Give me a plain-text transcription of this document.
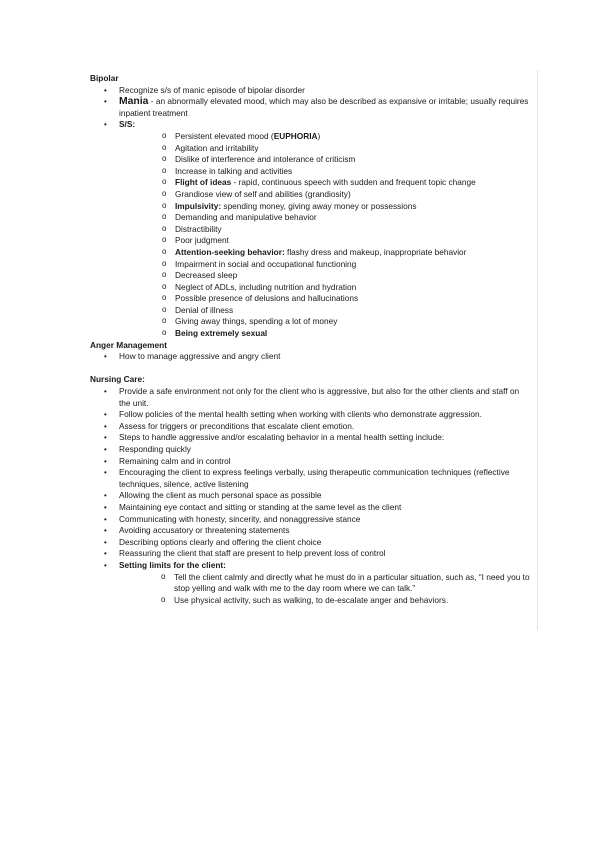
Bipolar
• Recognize s/s of manic episode of bipolar disorder
• Mania - an abnormally elevated mood, which may also be described as expansive or irritable; usually requires inpatient treatment
• S/S:
o Persistent elevated mood (EUPHORIA)
o Agitation and irritability
o Dislike of interference and intolerance of criticism
o Increase in talking and activities
o Flight of ideas - rapid, continuous speech with sudden and frequent topic change
o Grandiose view of self and abilities (grandiosity)
o Impulsivity: spending money, giving away money or possessions
o Demanding and manipulative behavior
o Distractibility
o Poor judgment
o Attention-seeking behavior: flashy dress and makeup, inappropriate behavior
o Impairment in social and occupational functioning
o Decreased sleep
o Neglect of ADLs, including nutrition and hydration
o Possible presence of delusions and hallucinations
o Denial of illness
o Giving away things, spending a lot of money
o Being extremely sexual
Anger Management
• How to manage aggressive and angry client
Nursing Care:
• Provide a safe environment not only for the client who is aggressive, but also for the other clients and staff on the unit.
• Follow policies of the mental health setting when working with clients who demonstrate aggression.
• Assess for triggers or preconditions that escalate client emotion.
• Steps to handle aggressive and/or escalating behavior in a mental health setting include:
• Responding quickly
• Remaining calm and in control
• Encouraging the client to express feelings verbally, using therapeutic communication techniques (reflective techniques, silence, active listening
• Allowing the client as much personal space as possible
• Maintaining eye contact and sitting or standing at the same level as the client
• Communicating with honesty, sincerity, and nonaggressive stance
• Avoiding accusatory or threatening statements
• Describing options clearly and offering the client choice
• Reassuring the client that staff are present to help prevent loss of control
• Setting limits for the client:
o Tell the client calmly and directly what he must do in a particular situation, such as, “I need you to stop yelling and walk with me to the day room where we can talk.”
o Use physical activity, such as walking, to de-escalate anger and behaviors.
